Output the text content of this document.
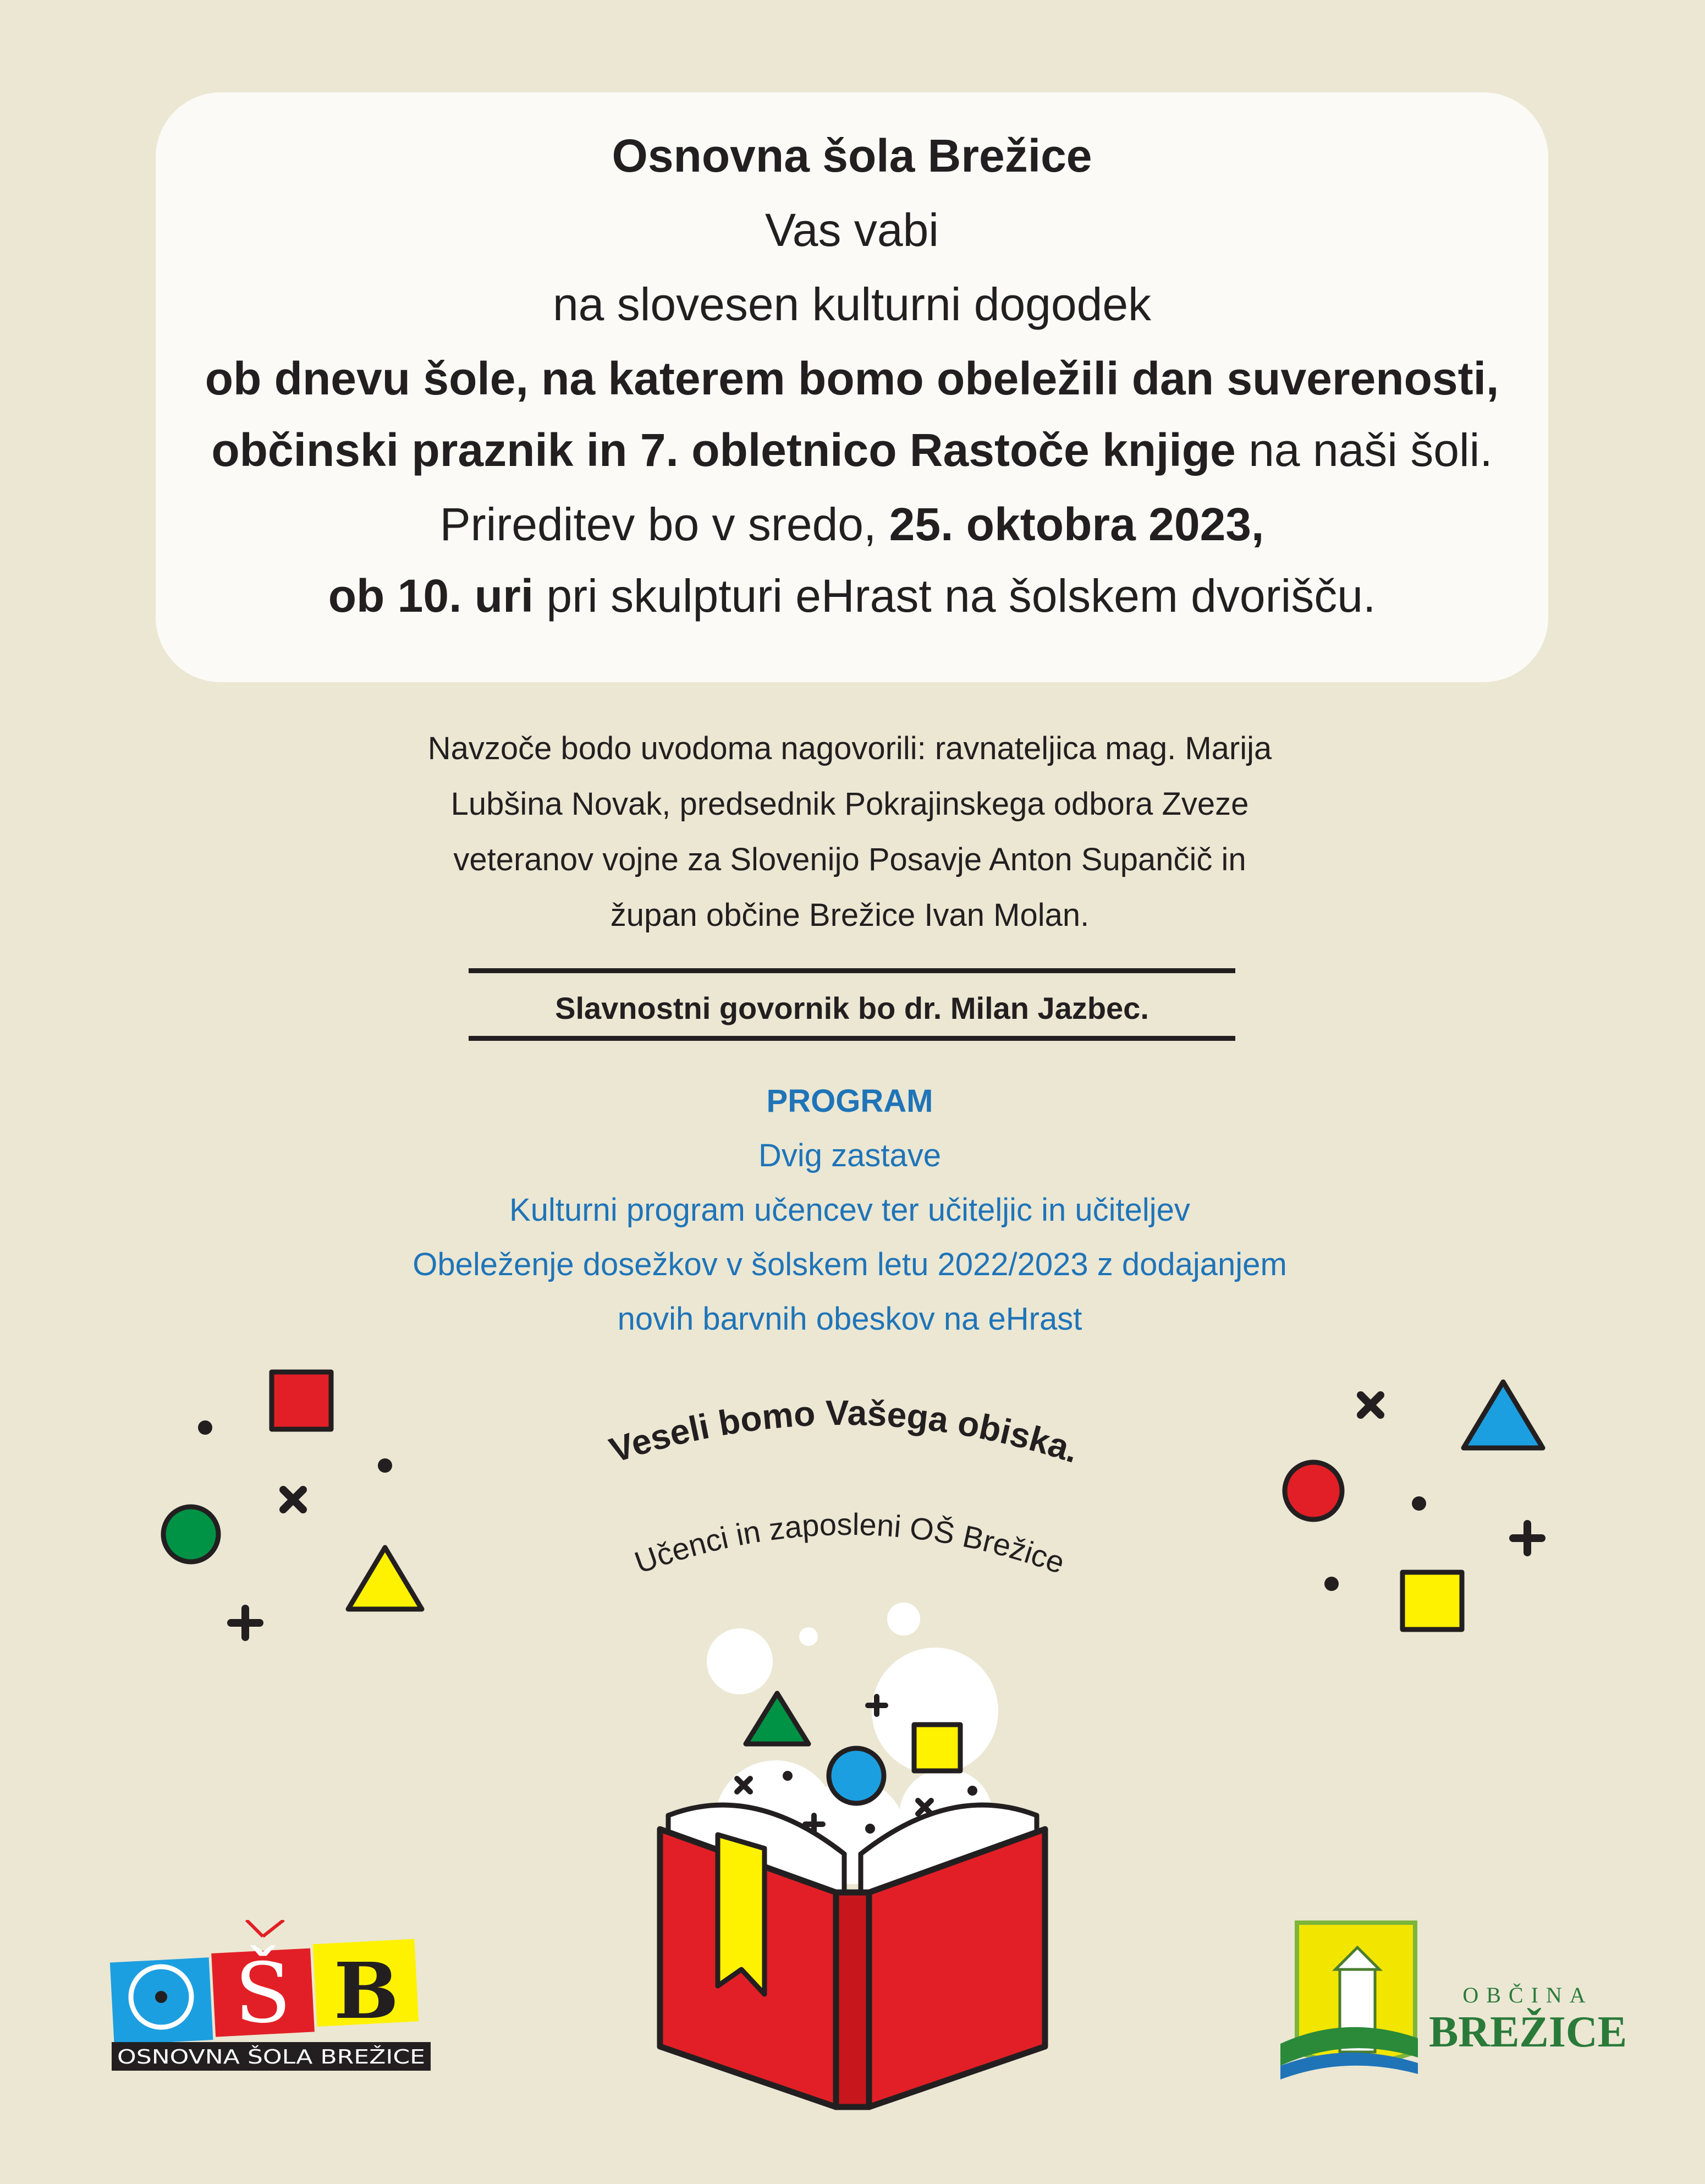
Osnovna šola Brežice
Vas vabi
na slovesen kulturni dogodek
ob dnevu šole, na katerem bomo obeležili dan suverenosti,
občinski praznik in 7. obletnico Rastoče knjige na naši šoli.
Prireditev bo v sredo, 25. oktobra 2023,
ob 10. uri pri skulpturi eHrast na šolskem dvorišču.
Navzoče bodo uvodoma nagovorili: ravnateljica mag. Marija
Lubšina Novak, predsednik Pokrajinskega odbora Zveze
veteranov vojne za Slovenijo Posavje Anton Supančič in
župan občine Brežice Ivan Molan.
Slavnostni govornik bo dr. Milan Jazbec.
PROGRAM
Dvig zastave
Kulturni program učencev ter učiteljic in učiteljev
Obeleženje dosežkov v šolskem letu 2022/2023 z dodajanjem
novih barvnih obeskov na eHrast
Veseli bomo Vašega obiska.
Učenci in zaposleni OŠ Brežice
Š B
OSNOVNA ŠOLA BREŽICE
OBČINA
BREŽICE
